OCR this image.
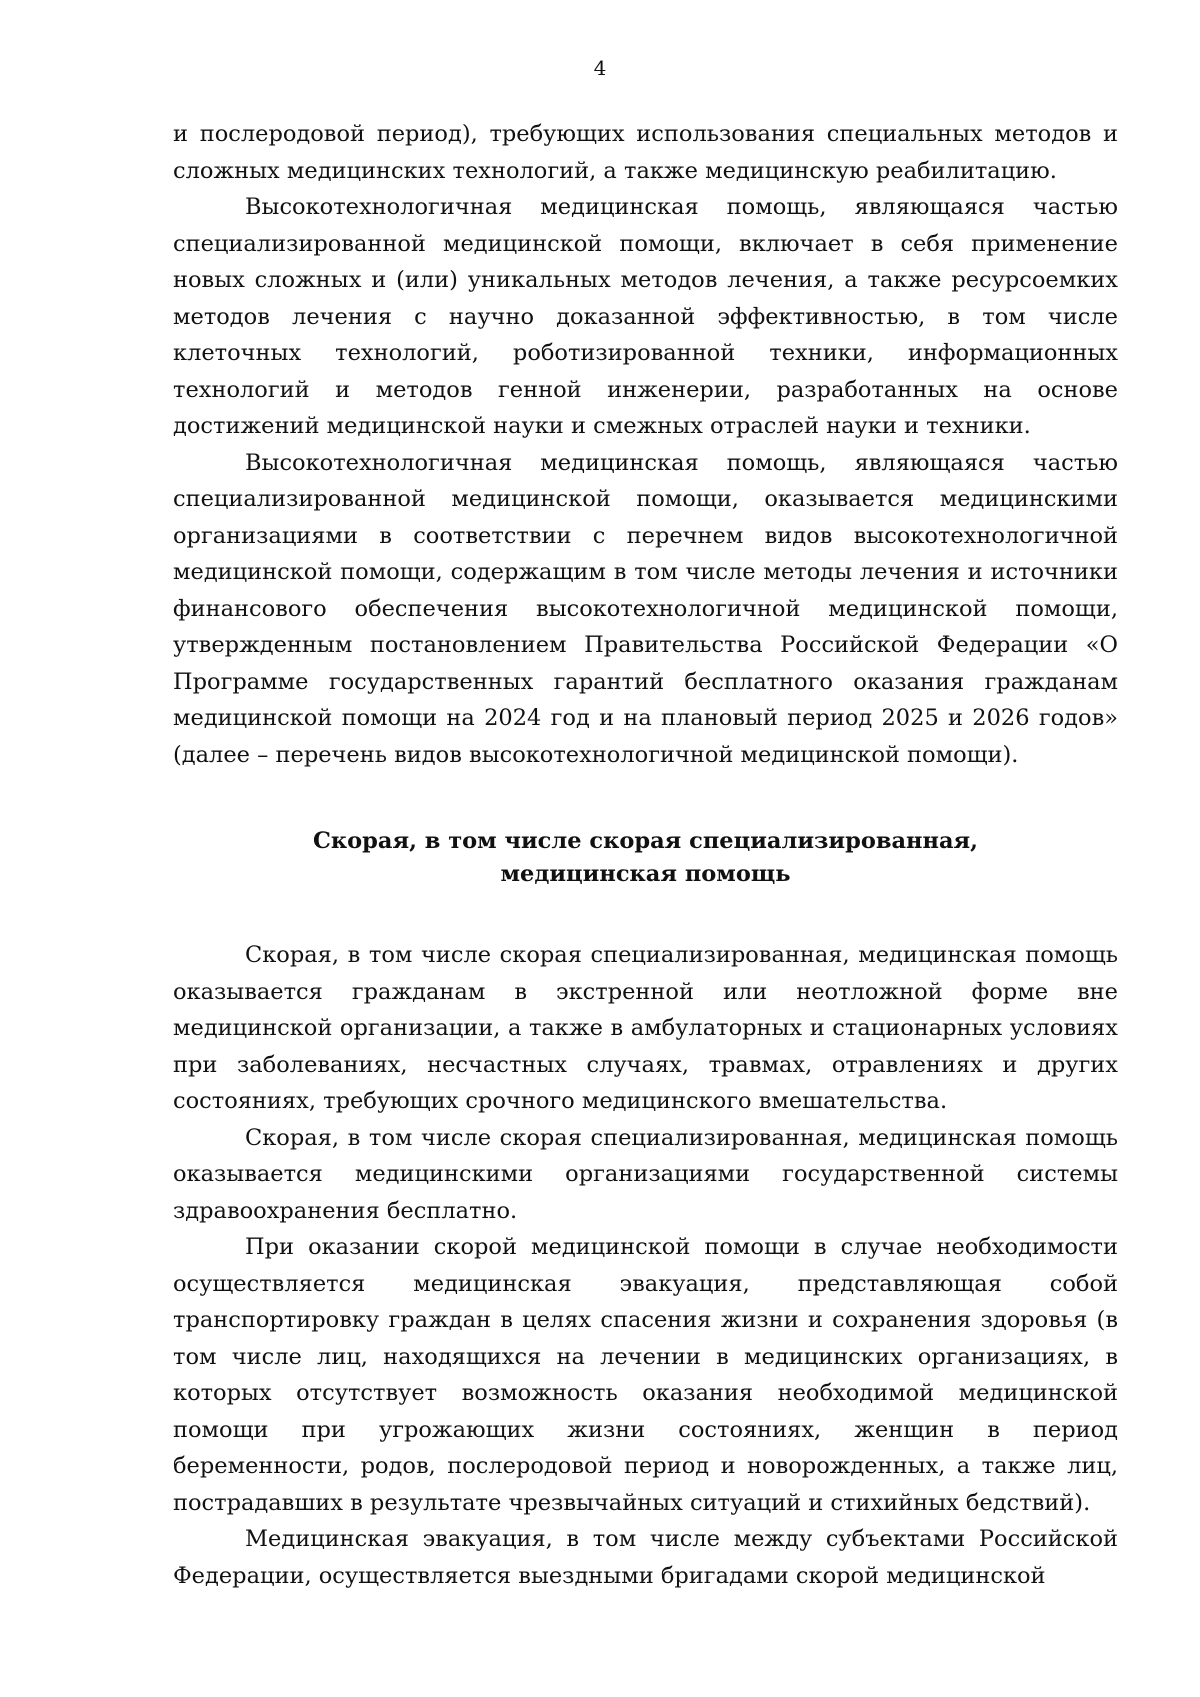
4

и послеродовой период), требующих использования специальных методов и сложных медицинских технологий, а также медицинскую реабилитацию.

Высокотехнологичная медицинская помощь, являющаяся частью специализированной медицинской помощи, включает в себя применение новых сложных и (или) уникальных методов лечения, а также ресурсоемких методов лечения с научно доказанной эффективностью, в том числе клеточных технологий, роботизированной техники, информационных технологий и методов генной инженерии, разработанных на основе достижений медицинской науки и смежных отраслей науки и техники.

Высокотехнологичная медицинская помощь, являющаяся частью специализированной медицинской помощи, оказывается медицинскими организациями в соответствии с перечнем видов высокотехнологичной медицинской помощи, содержащим в том числе методы лечения и источники финансового обеспечения высокотехнологичной медицинской помощи, утвержденным постановлением Правительства Российской Федерации «О Программе государственных гарантий бесплатного оказания гражданам медицинской помощи на 2024 год и на плановый период 2025 и 2026 годов» (далее – перечень видов высокотехнологичной медицинской помощи).

Скорая, в том числе скорая специализированная,
медицинская помощь

Скорая, в том числе скорая специализированная, медицинская помощь оказывается гражданам в экстренной или неотложной форме вне медицинской организации, а также в амбулаторных и стационарных условиях при заболеваниях, несчастных случаях, травмах, отравлениях и других состояниях, требующих срочного медицинского вмешательства.

Скорая, в том числе скорая специализированная, медицинская помощь оказывается медицинскими организациями государственной системы здравоохранения бесплатно.

При оказании скорой медицинской помощи в случае необходимости осуществляется медицинская эвакуация, представляющая собой транспортировку граждан в целях спасения жизни и сохранения здоровья (в том числе лиц, находящихся на лечении в медицинских организациях, в которых отсутствует возможность оказания необходимой медицинской помощи при угрожающих жизни состояниях, женщин в период беременности, родов, послеродовой период и новорожденных, а также лиц, пострадавших в результате чрезвычайных ситуаций и стихийных бедствий).

Медицинская эвакуация, в том числе между субъектами Российской Федерации, осуществляется выездными бригадами скорой медицинской
